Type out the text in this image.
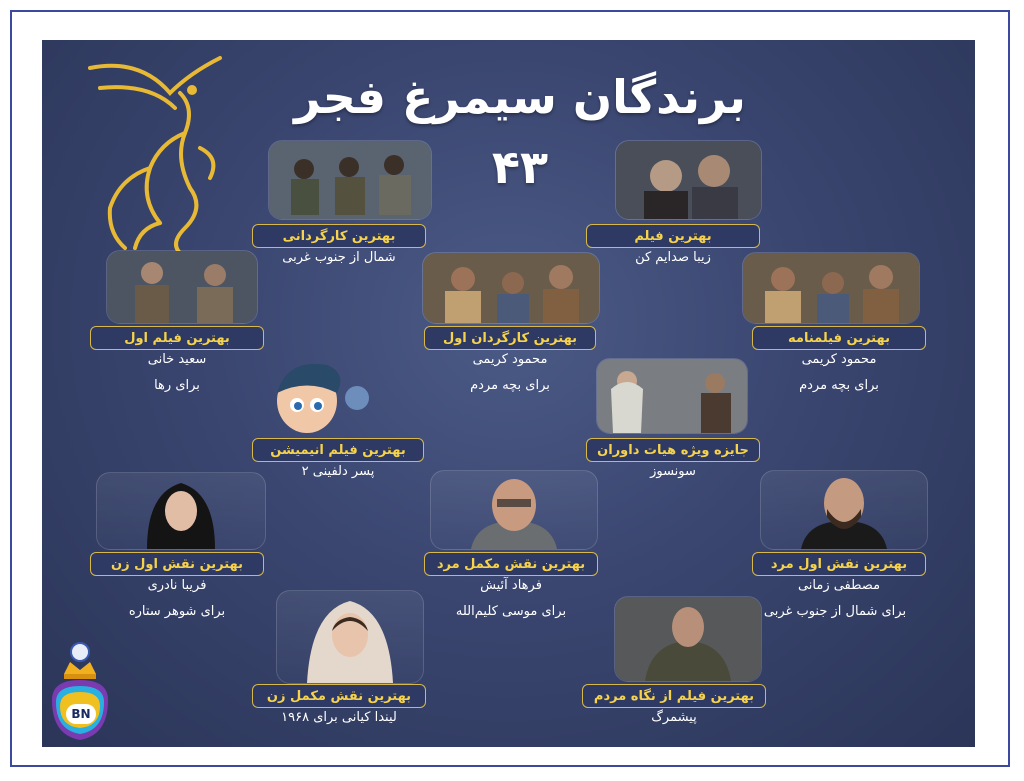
برندگان سیمرغ فجر ۴۳
بهترین کارگردانی
شمال از جنوب غربی
بهترین فیلم
زیبا صدایم کن
بهترین فیلم اول
سعید خانی
برای رها
بهترین کارگردان اول
محمود کریمی
برای بچه مردم
بهترین فیلمنامه
محمود کریمی
برای بچه مردم
بهترین فیلم انیمیشن
پسر دلفینی ۲
جایزه ویژه هیات داوران
سونسوز
بهترین نقش اول زن
فریبا نادری
برای شوهر ستاره
بهترین نقش مکمل مرد
فرهاد آئیش
برای موسی کلیم‌الله
بهترین نقش اول مرد
مصطفی زمانی
برای شمال از جنوب غربی
بهترین نقش مکمل زن
لیندا کیانی برای ۱۹۶۸
بهترین فیلم از نگاه مردم
پیشمرگ
BN
